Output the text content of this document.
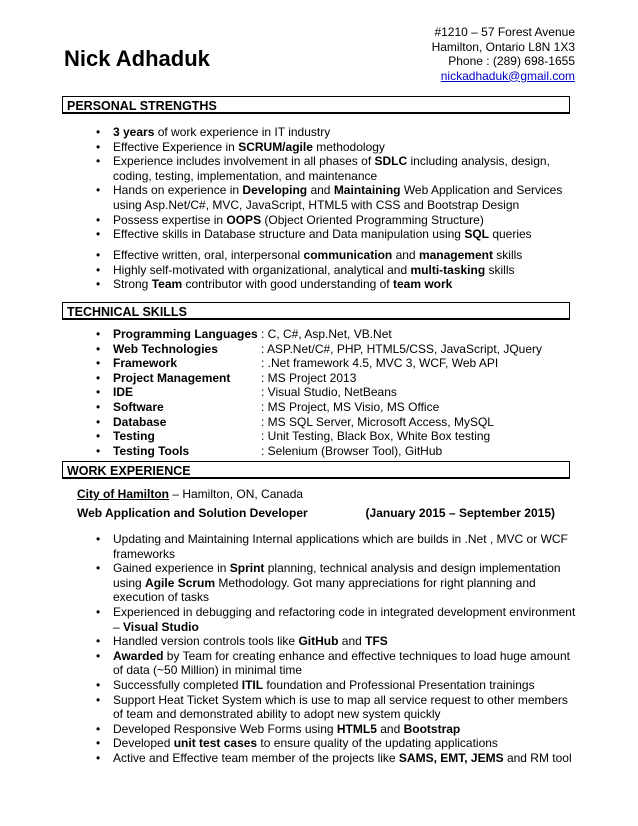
Nick Adhaduk
#1210 – 57 Forest Avenue
Hamilton, Ontario L8N 1X3
Phone : (289) 698-1655
nickadhaduk@gmail.com
PERSONAL STRENGTHS
• 3 years of work experience in IT industry
• Effective Experience in SCRUM/agile methodology
• Experience includes involvement in all phases of SDLC including analysis, design, coding, testing, implementation, and maintenance
• Hands on experience in Developing and Maintaining Web Application and Services using Asp.Net/C#, MVC, JavaScript, HTML5 with CSS and Bootstrap Design
• Possess expertise in OOPS (Object Oriented Programming Structure)
• Effective skills in Database structure and Data manipulation using SQL queries
• Effective written, oral, interpersonal communication and management skills
• Highly self-motivated with organizational, analytical and multi-tasking skills
• Strong Team contributor with good understanding of team work
TECHNICAL SKILLS
• Programming Languages : C, C#, Asp.Net, VB.Net
• Web Technologies	: ASP.Net/C#, PHP, HTML5/CSS, JavaScript, JQuery
• Framework	: .Net framework 4.5, MVC 3, WCF, Web API
• Project Management	: MS Project 2013
• IDE	: Visual Studio, NetBeans
• Software	: MS Project, MS Visio, MS Office
• Database	: MS SQL Server, Microsoft Access, MySQL
• Testing	: Unit Testing, Black Box, White Box testing
• Testing Tools	: Selenium (Browser Tool), GitHub
WORK EXPERIENCE
City of Hamilton – Hamilton, ON, Canada
Web Application and Solution Developer	(January 2015 – September 2015)
• Updating and Maintaining Internal applications which are builds in .Net , MVC or WCF frameworks
• Gained experience in Sprint planning, technical analysis and design implementation using Agile Scrum Methodology. Got many appreciations for right planning and execution of tasks
• Experienced in debugging and refactoring code in integrated development environment – Visual Studio
• Handled version controls tools like GitHub and TFS
• Awarded by Team for creating enhance and effective techniques to load huge amount of data (~50 Million) in minimal time
• Successfully completed ITIL foundation and Professional Presentation trainings
• Support Heat Ticket System which is use to map all service request to other members of team and demonstrated ability to adopt new system quickly
• Developed Responsive Web Forms using HTML5 and Bootstrap
• Developed unit test cases to ensure quality of the updating applications
• Active and Effective team member of the projects like SAMS, EMT, JEMS and RM tool
